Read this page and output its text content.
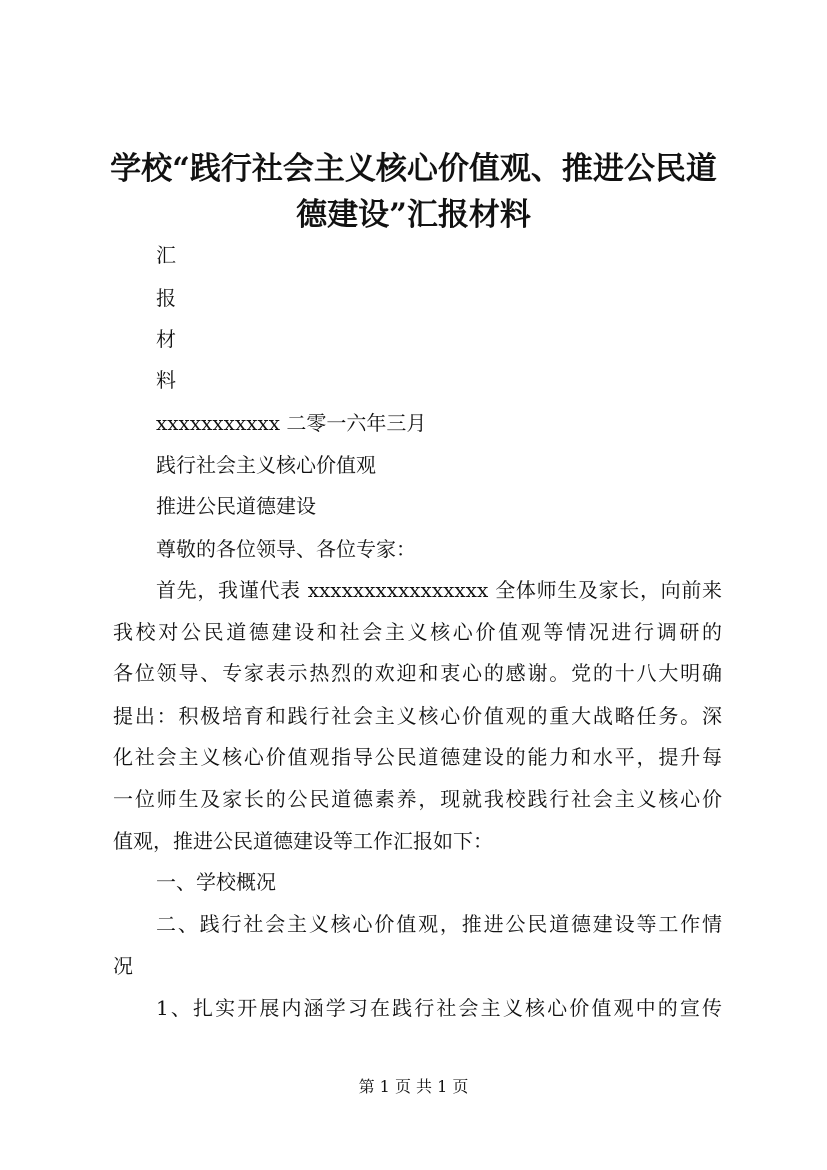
学校“践行社会主义核心价值观、推进公民道
德建设”汇报材料

汇

报

材

料

xxxxxxxxxxx 二零一六年三月

践行社会主义核心价值观

推进公民道德建设

尊敬的各位领导、各位专家：

首先，我谨代表 xxxxxxxxxxxxxxxx 全体师生及家长，向前来

我校对公民道德建设和社会主义核心价值观等情况进行调研的

各位领导、专家表示热烈的欢迎和衷心的感谢。党的十八大明确

提出：积极培育和践行社会主义核心价值观的重大战略任务。深

化社会主义核心价值观指导公民道德建设的能力和水平，提升每

一位师生及家长的公民道德素养，现就我校践行社会主义核心价

值观，推进公民道德建设等工作汇报如下：

一、学校概况

二、践行社会主义核心价值观，推进公民道德建设等工作情

况

1、扎实开展内涵学习在践行社会主义核心价值观中的宣传

第 1 页 共 1 页
